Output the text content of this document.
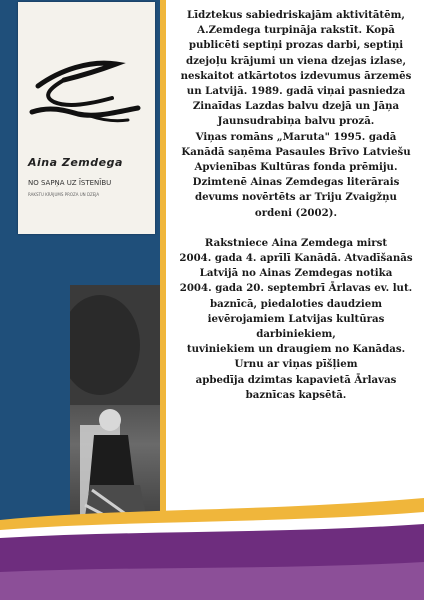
Aina Zemdega
NO SAPŅA UZ ĪSTENĪBU
RAKSTU KRĀJUMS PROZA UN DZEJA

Līdztekus sabiedriskajām aktivitātēm,
A.Zemdega turpināja rakstīt. Kopā
publicēti septiņi prozas darbi, septiņi
dzejoļu krājumi un viena dzejas izlase,
neskaitot atkārtotos izdevumus ārzemēs
un Latvijā. 1989. gadā viņai pasniedza
Zinaīdas Lazdas balvu dzejā un Jāņa
Jaunsudrabiņa balvu prozā.
Viņas romāns „Maruta" 1995. gadā
Kanādā saņēma Pasaules Brīvo Latviešu
Apvienības Kultūras fonda prēmiju.
Dzimtenē Ainas Zemdegas literārais
devums novērtēts ar Triju Zvaigžņu
ordeni (2002).

Rakstniece Aina Zemdega mirst
2004. gada 4. aprīlī Kanādā. Atvadīšanās
Latvijā no Ainas Zemdegas notika
2004. gada 20. septembrī Ārlavas ev. lut.
baznīcā, piedaloties daudziem
ievērojamiem Latvijas kultūras
darbiniekiem,
tuviniekiem un draugiem no Kanādas.
Urnu ar viņas pīšļiem
apbedīja dzimtas kapavietā Ārlavas
baznīcas kapsētā.
